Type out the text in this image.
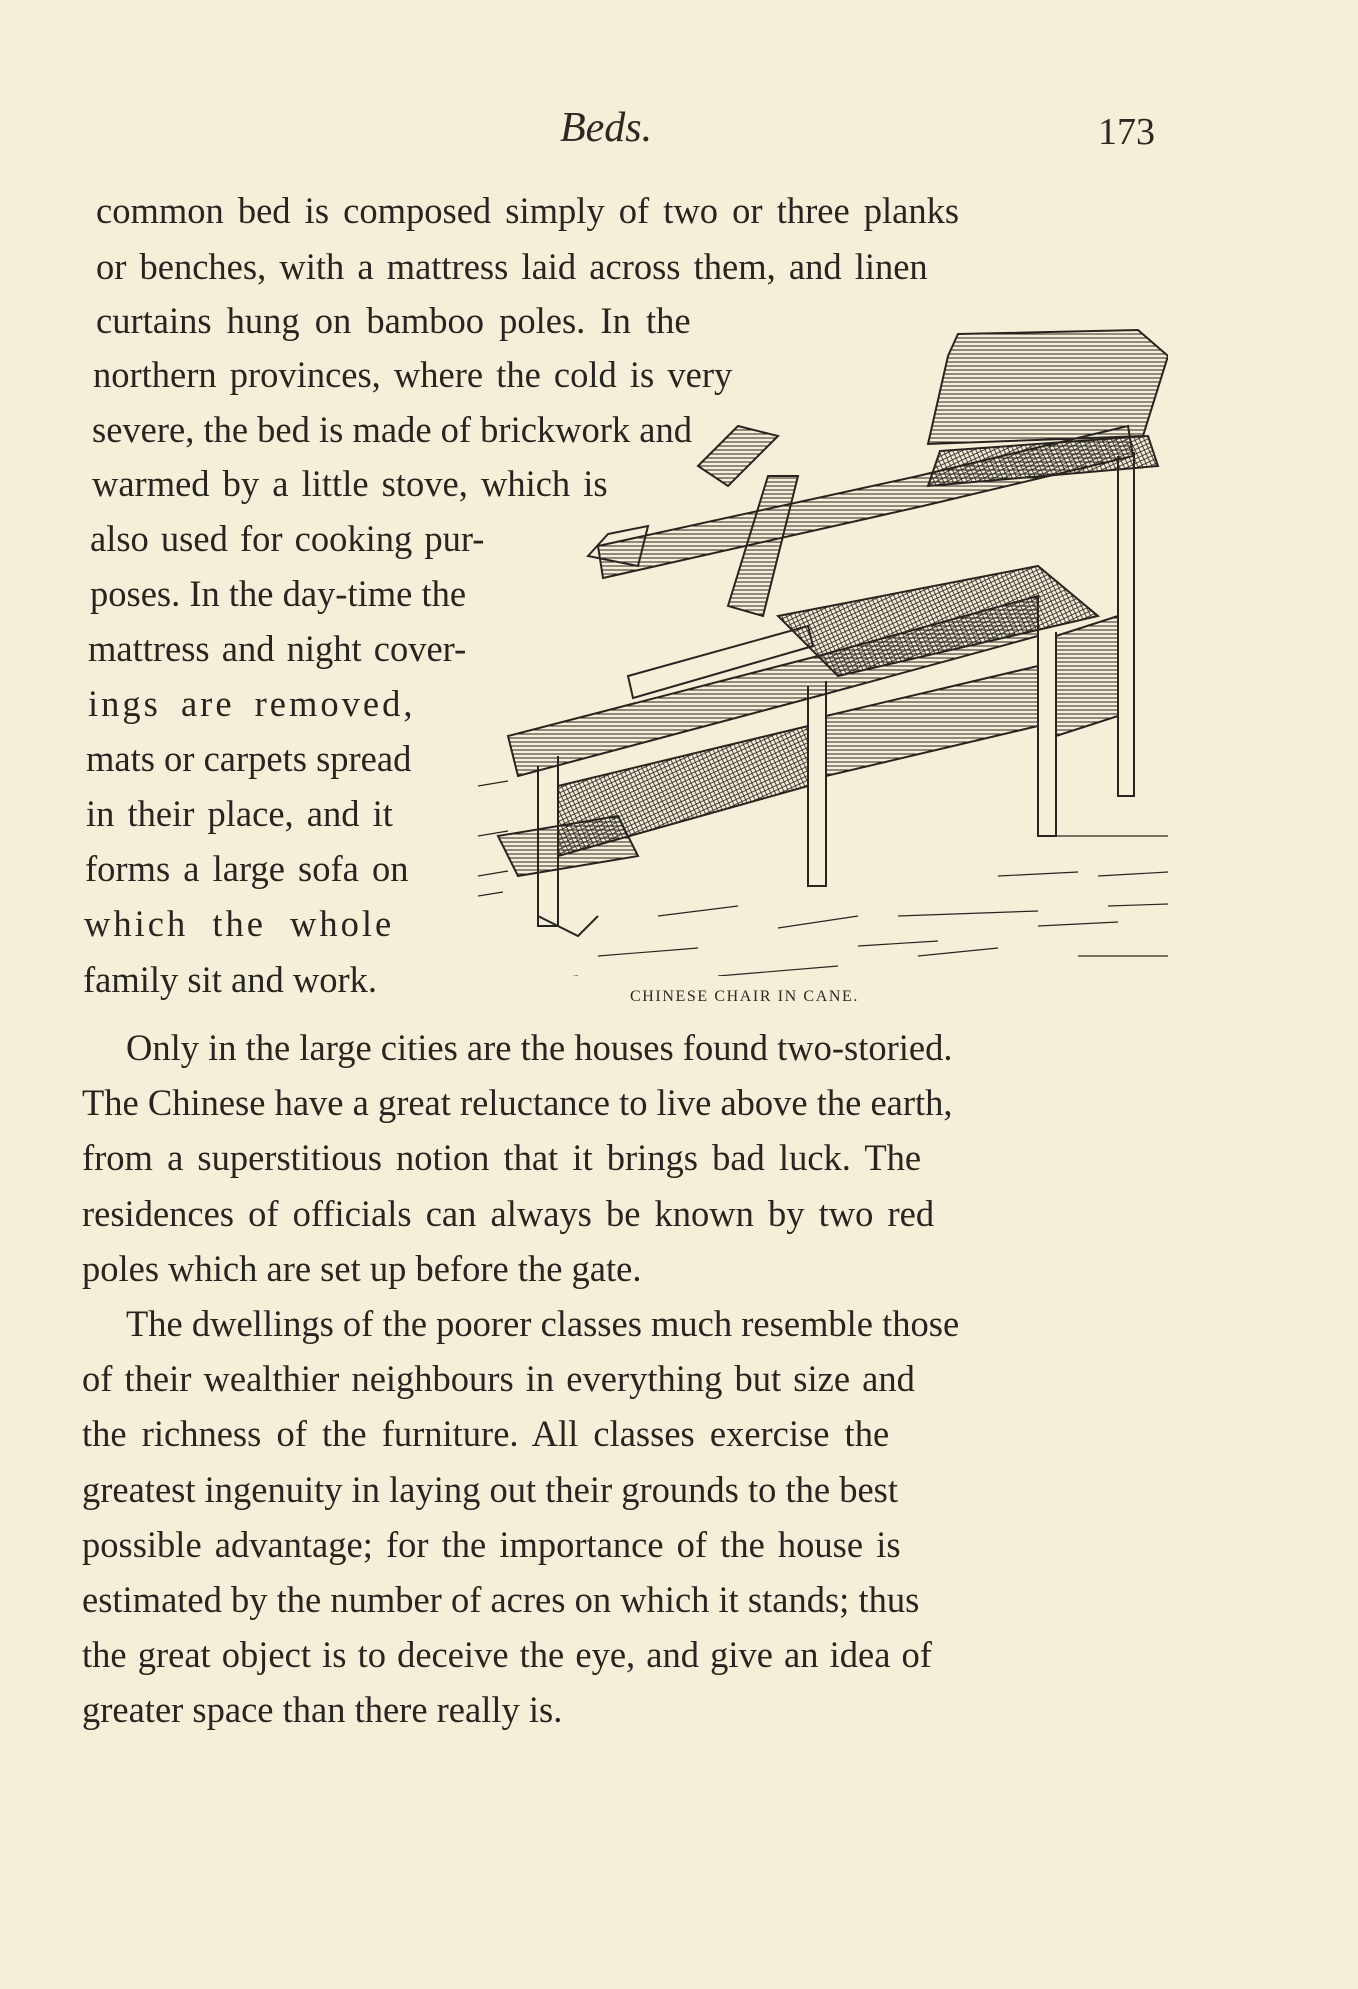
Beds.	173
common bed is composed simply of two or three planks
or benches, with a mattress laid across them, and linen
curtains hung on bamboo poles. In the
northern provinces, where the cold is very
severe, the bed is made of brickwork and
warmed by a little stove, which is
also used for cooking pur-
poses. In the day-time the
mattress and night cover-
ings are removed,
mats or carpets spread
in their place, and it
forms a large sofa on
which the whole
family sit and work.
Only in the large cities are the houses found two-storied.
The Chinese have a great reluctance to live above the earth,
from a superstitious notion that it brings bad luck. The
residences of officials can always be known by two red
poles which are set up before the gate.
The dwellings of the poorer classes much resemble those
of their wealthier neighbours in everything but size and
the richness of the furniture. All classes exercise the
greatest ingenuity in laying out their grounds to the best
possible advantage; for the importance of the house is
estimated by the number of acres on which it stands; thus
the great object is to deceive the eye, and give an idea of
greater space than there really is.
CHINESE CHAIR IN CANE.
